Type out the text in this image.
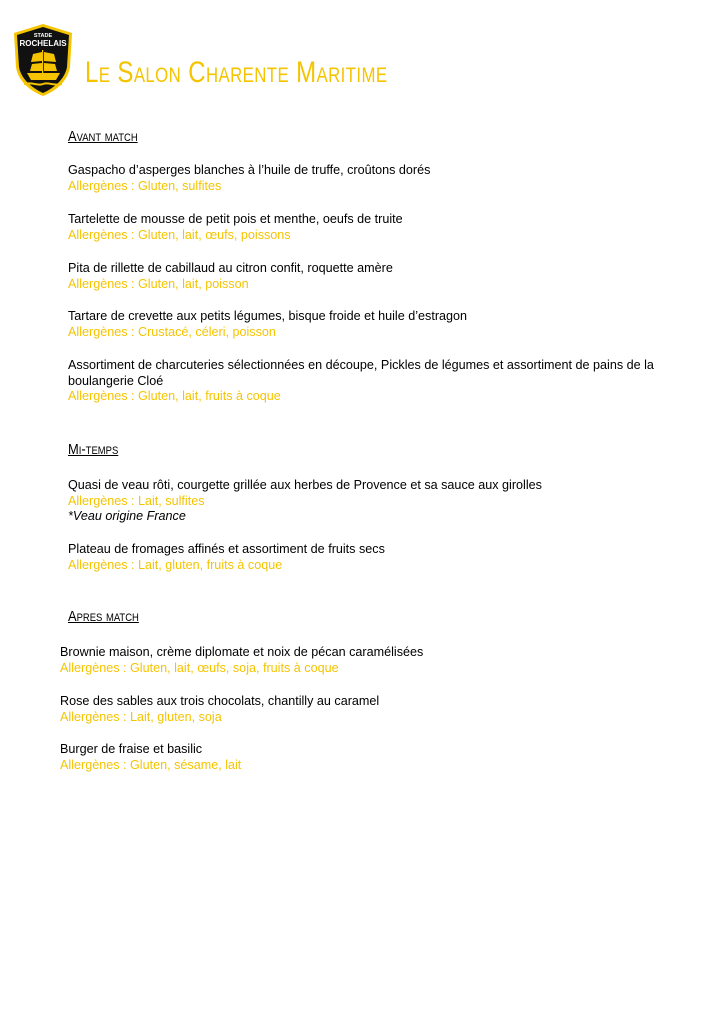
STADE
ROCHELAIS
Le Salon Charente Maritime
Avant match
Gaspacho d’asperges blanches à l’huile de truffe, croûtons dorés
Allergènes : Gluten, sulfites
Tartelette de mousse de petit pois et menthe, oeufs de truite
Allergènes : Gluten, lait, œufs, poissons
Pita de rillette de cabillaud au citron confit, roquette amère
Allergènes : Gluten, lait, poisson
Tartare de crevette aux petits légumes, bisque froide et huile d’estragon
Allergènes : Crustacé, céleri, poisson
Assortiment de charcuteries sélectionnées en découpe, Pickles de légumes et assortiment de pains de la
boulangerie Cloé
Allergènes : Gluten, lait, fruits à coque
Mi-temps
Quasi de veau rôti, courgette grillée aux herbes de Provence et sa sauce aux girolles
Allergènes : Lait, sulfites
*Veau origine France
Plateau de fromages affinés et assortiment de fruits secs
Allergènes : Lait, gluten, fruits à coque
Apres match
Brownie maison, crème diplomate et noix de pécan caramélisées
Allergènes : Gluten, lait, œufs, soja, fruits à coque
Rose des sables aux trois chocolats, chantilly au caramel
Allergènes : Lait, gluten, soja
Burger de fraise et basilic
Allergènes : Gluten, sésame, lait
